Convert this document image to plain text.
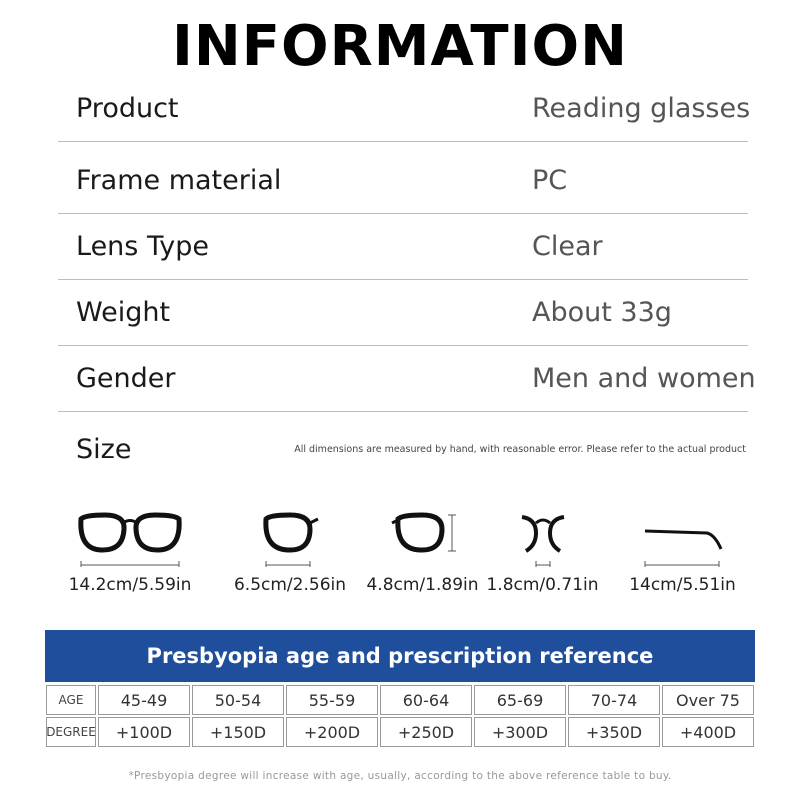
INFORMATION
Product	Reading glasses
Frame material	PC
Lens Type	Clear
Weight	About 33g
Gender	Men and women
Size	All dimensions are measured by hand, with reasonable error. Please refer to the actual product
14.2cm/5.59in	6.5cm/2.56in	4.8cm/1.89in 1.8cm/0.71in	14cm/5.51in
Presbyopia age and prescription reference
AGE	45-49	50-54	55-59	60-64	65-69	70-74	Over 75
DEGREE	+100D	+150D	+200D	+250D	+300D	+350D	+400D
*Presbyopia degree will increase with age, usually, according to the above reference table to buy.
